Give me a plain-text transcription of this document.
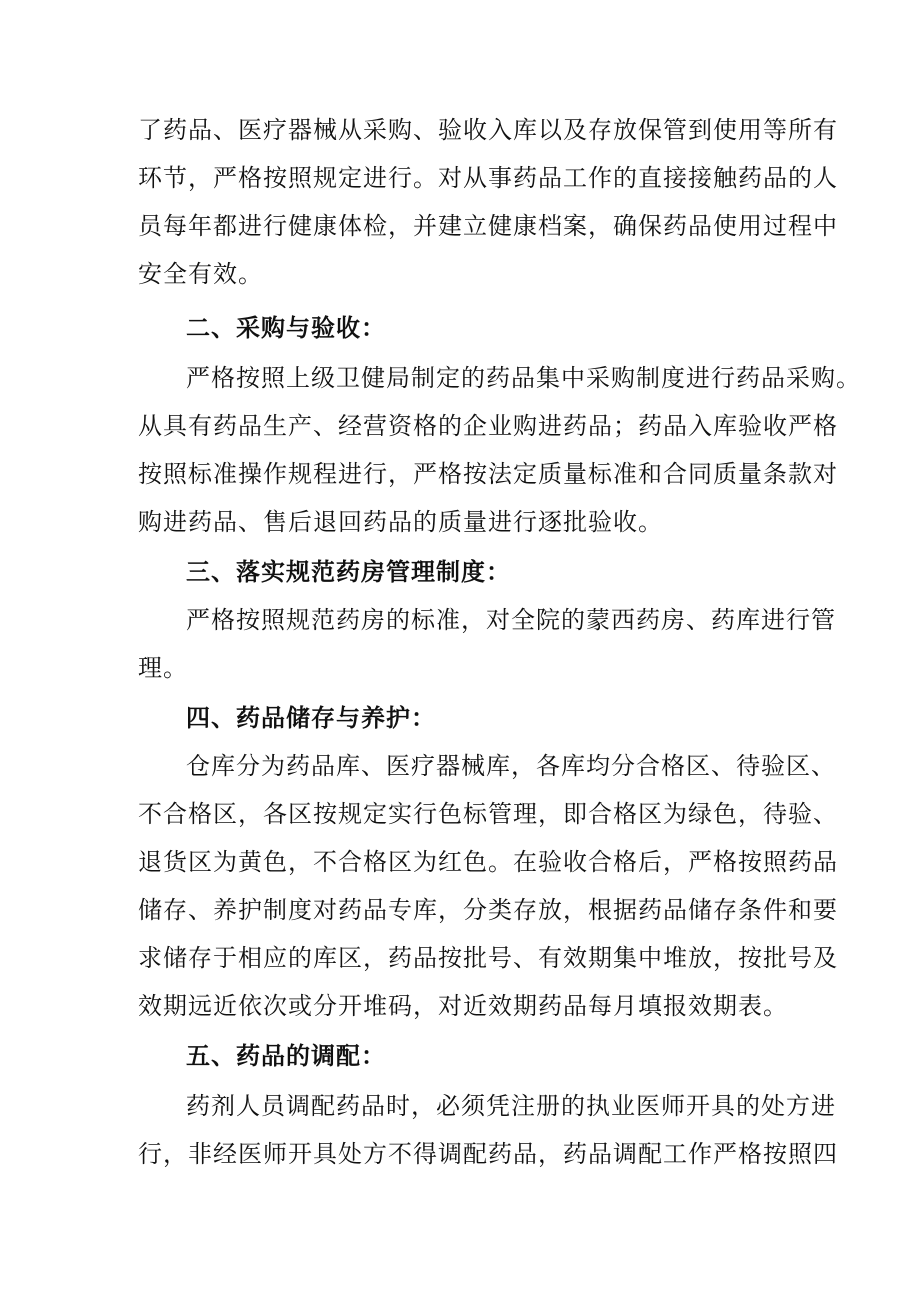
了药品、医疗器械从采购、验收入库以及存放保管到使用等所有
环节，严格按照规定进行。对从事药品工作的直接接触药品的人
员每年都进行健康体检，并建立健康档案，确保药品使用过程中
安全有效。
二、采购与验收：
严格按照上级卫健局制定的药品集中采购制度进行药品采购。
从具有药品生产、经营资格的企业购进药品；药品入库验收严格
按照标准操作规程进行，严格按法定质量标准和合同质量条款对
购进药品、售后退回药品的质量进行逐批验收。
三、落实规范药房管理制度：
严格按照规范药房的标准，对全院的蒙西药房、药库进行管
理。
四、药品储存与养护：
仓库分为药品库、医疗器械库，各库均分合格区、待验区、
不合格区，各区按规定实行色标管理，即合格区为绿色，待验、
退货区为黄色，不合格区为红色。在验收合格后，严格按照药品
储存、养护制度对药品专库，分类存放，根据药品储存条件和要
求储存于相应的库区，药品按批号、有效期集中堆放，按批号及
效期远近依次或分开堆码，对近效期药品每月填报效期表。
五、药品的调配：
药剂人员调配药品时，必须凭注册的执业医师开具的处方进
行，非经医师开具处方不得调配药品，药品调配工作严格按照四
